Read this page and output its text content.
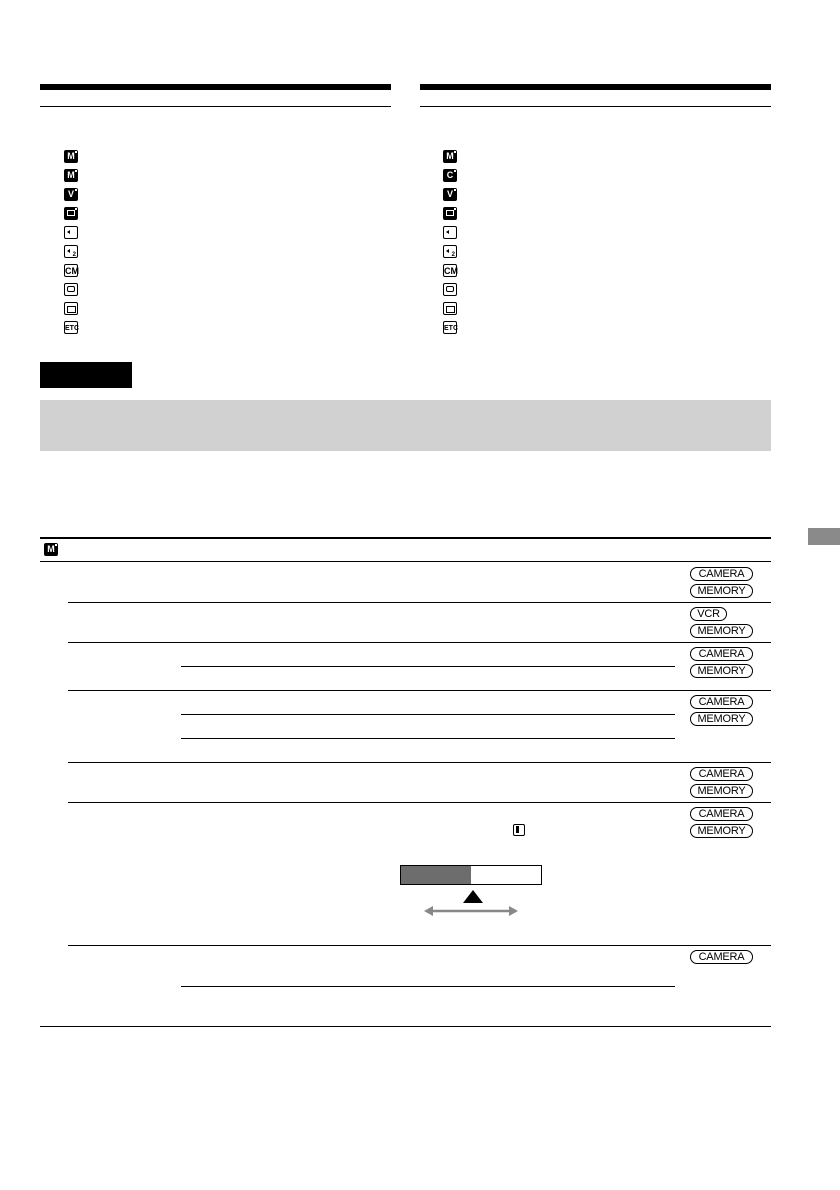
M
M
V
2
CM
ETC
M
C
V
2
CM
ETC
M
CAMERA
MEMORY
VCR
MEMORY
CAMERA
MEMORY
CAMERA
MEMORY
CAMERA
MEMORY
CAMERA
MEMORY
CAMERA
